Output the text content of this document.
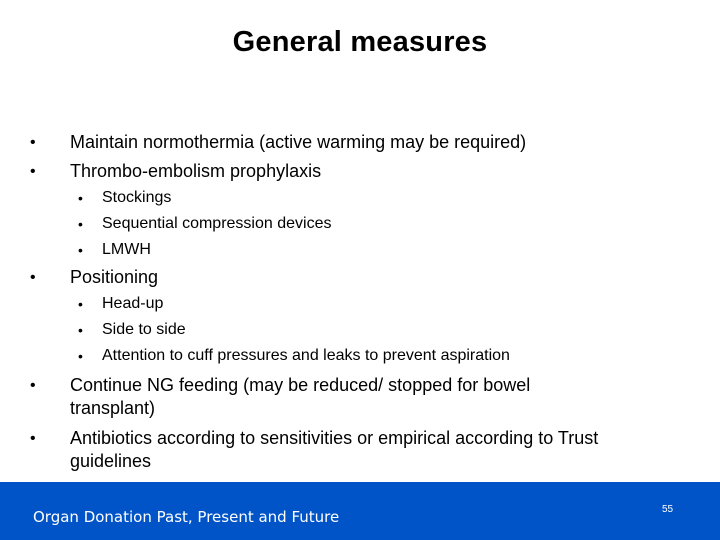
General measures
•	Maintain normothermia (active warming may be required)
•	Thrombo-embolism prophylaxis
•	Stockings
•	Sequential compression devices
•	LMWH
•	Positioning
•	Head-up
•	Side to side
•	Attention to cuff pressures and leaks to prevent aspiration
•	Continue NG feeding (may be reduced/ stopped for bowel transplant)
•	Antibiotics according to sensitivities or empirical according to Trust guidelines
Organ Donation Past, Present and Future	55
